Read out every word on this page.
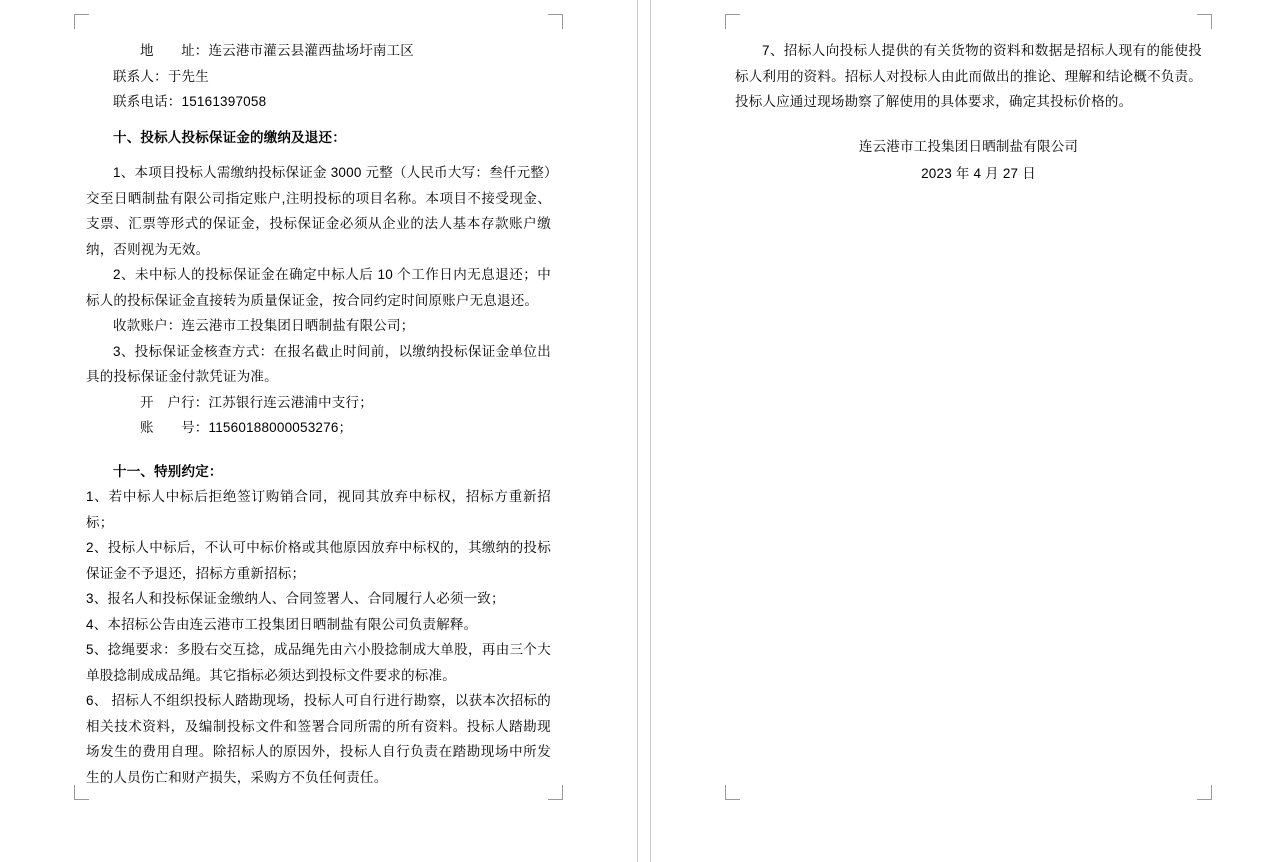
地　　址：连云港市灌云县灌西盐场圩南工区

联系人：于先生

联系电话：15161397058

十、投标人投标保证金的缴纳及退还：

1、本项目投标人需缴纳投标保证金 3000 元整（人民币大写：叁仟元整）交至日晒制盐有限公司指定账户,注明投标的项目名称。本项目不接受现金、支票、汇票等形式的保证金，投标保证金必须从企业的法人基本存款账户缴纳，否则视为无效。

2、未中标人的投标保证金在确定中标人后 10 个工作日内无息退还；中标人的投标保证金直接转为质量保证金，按合同约定时间原账户无息退还。

收款账户：连云港市工投集团日晒制盐有限公司；

3、投标保证金核查方式：在报名截止时间前，以缴纳投标保证金单位出具的投标保证金付款凭证为准。

开　户行：江苏银行连云港浦中支行；

账　　号：11560188000053276；

十一、特别约定：

1、若中标人中标后拒绝签订购销合同，视同其放弃中标权，招标方重新招标；

2、投标人中标后，不认可中标价格或其他原因放弃中标权的，其缴纳的投标保证金不予退还，招标方重新招标；

3、报名人和投标保证金缴纳人、合同签署人、合同履行人必须一致；

4、本招标公告由连云港市工投集团日晒制盐有限公司负责解释。

5、捻绳要求：多股右交互捻，成品绳先由六小股捻制成大单股，再由三个大单股捻制成成品绳。其它指标必须达到投标文件要求的标准。

6、 招标人不组织投标人踏勘现场，投标人可自行进行勘察，以获本次招标的相关技术资料，及编制投标文件和签署合同所需的所有资料。投标人踏勘现场发生的费用自理。除招标人的原因外，投标人自行负责在踏勘现场中所发生的人员伤亡和财产损失，采购方不负任何责任。

7、招标人向投标人提供的有关货物的资料和数据是招标人现有的能使投标人利用的资料。招标人对投标人由此而做出的推论、理解和结论概不负责。投标人应通过现场勘察了解使用的具体要求，确定其投标价格的。

连云港市工投集团日晒制盐有限公司

2023 年 4 月 27 日
